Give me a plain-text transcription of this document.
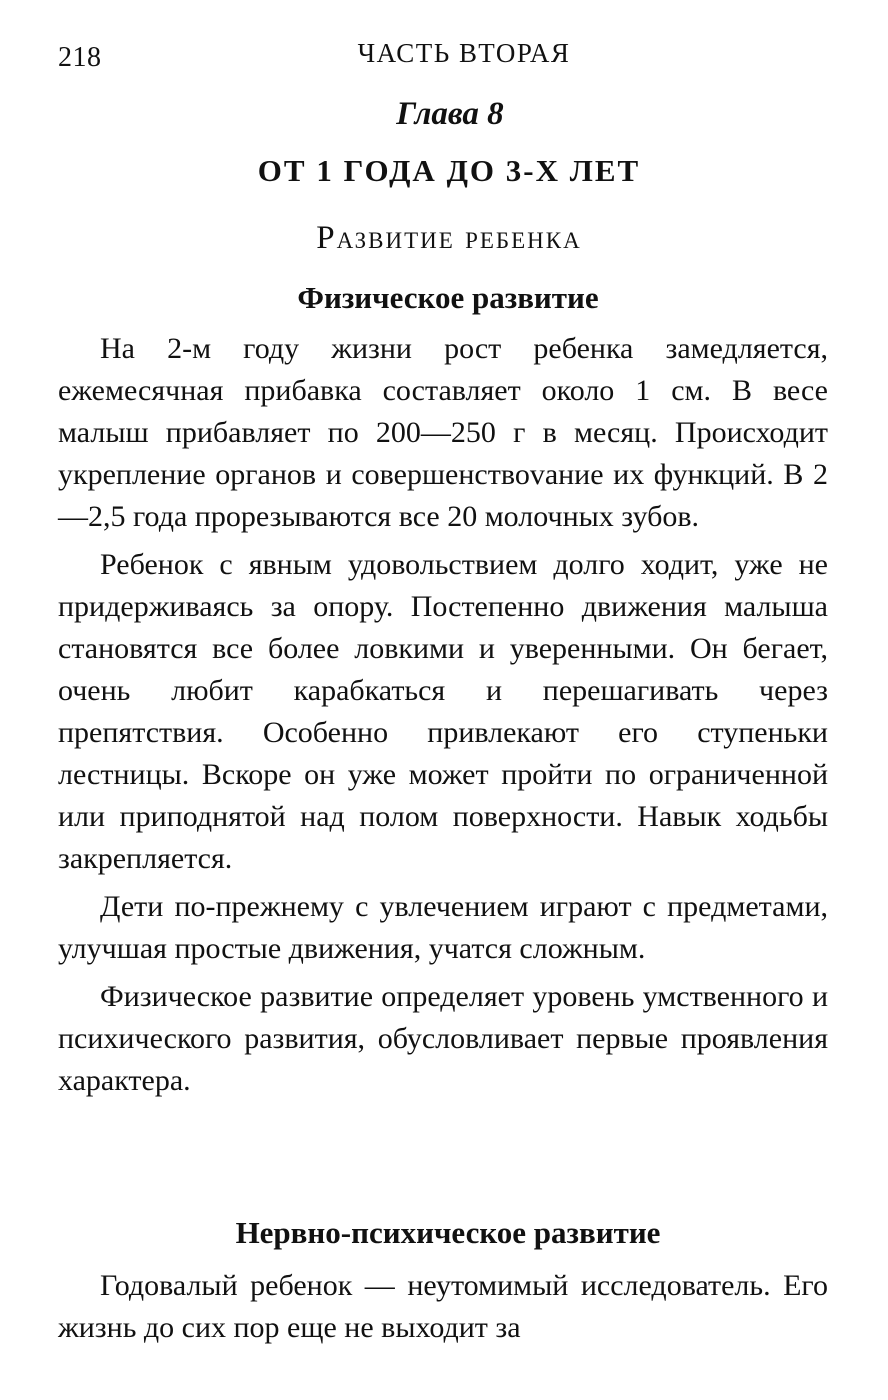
218	ЧАСТЬ ВТОРАЯ
Глава 8
ОТ 1 ГОДА ДО 3-Х ЛЕТ
Развитие ребенка
Физическое развитие

На 2-м году жизни рост ребенка замедляется, ежемесячная прибавка составляет около 1 см. В весе малыш прибавляет по 200—250 г в месяц. Происходит укрепление органов и совершенствоvание их функций. В 2—2,5 года прорезываются все 20 молочных зубов.

Ребенок с явным удовольствием долго ходит, уже не придерживаясь за опору. Постепенно движения малыша становятся все более ловкими и уверенными. Он бегает, очень любит карабкаться и перешагивать через препятствия. Особенно привлекают его ступеньки лестницы. Вскоре он уже может пройти по ограниченной или приподнятой над полом поверхности. Навык ходьбы закрепляется.

Дети по-прежнему с увлечением играют с предметами, улучшая простые движения, учатся сложным.

Физическое развитие определяет уровень умственного и психического развития, обусловливает первые проявления характера.

Нервно-психическое развитие

Годовалый ребенок — неутомимый исследователь. Его жизнь до сих пор еще не выходит за
